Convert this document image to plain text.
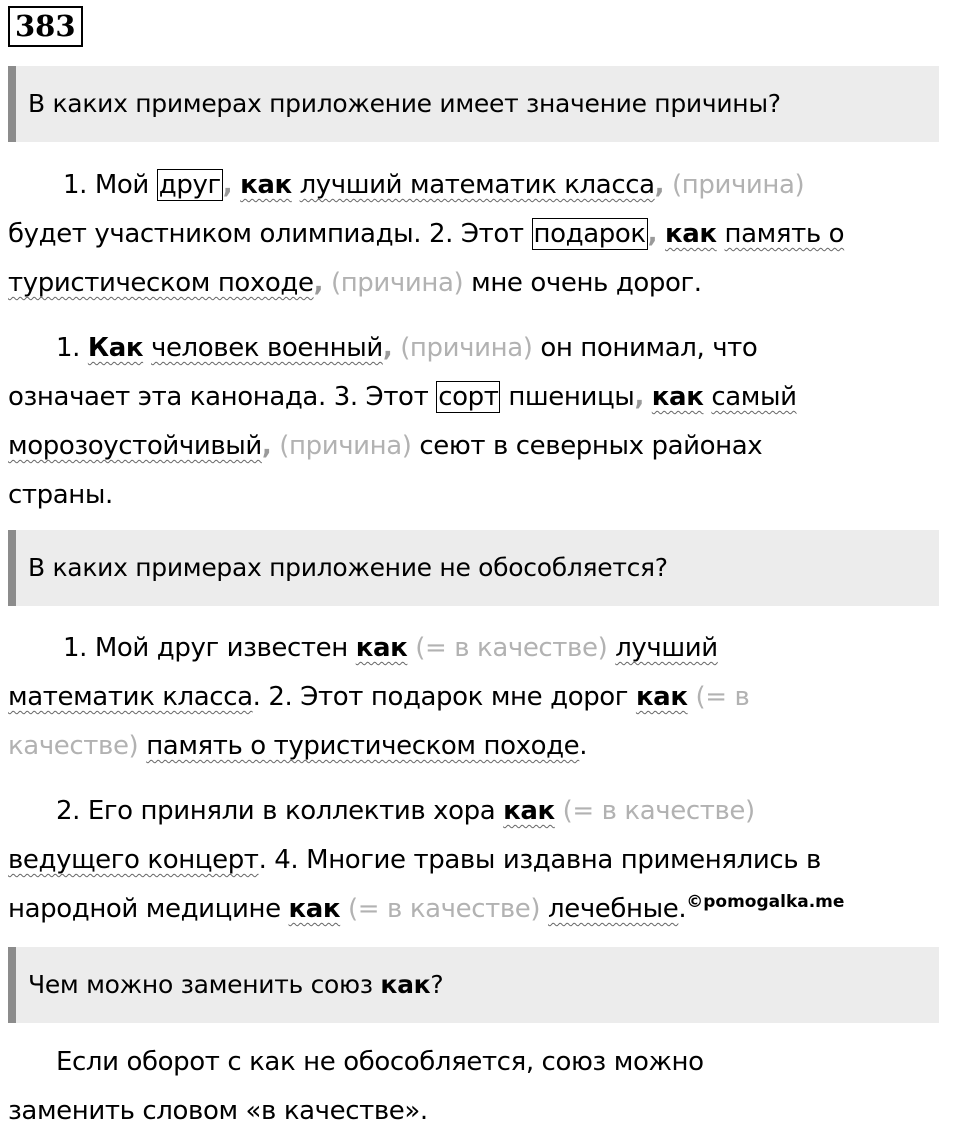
383
В каких примерах приложение имеет значение причины?
1. Мой друг, как лучший математик класса, (причина)
будет участником олимпиады. 2. Этот подарок, как память о
туристическом походе, (причина) мне очень дорог.
1. Как человек военный, (причина) он понимал, что
означает эта канонада. 3. Этот сорт пшеницы, как самый
морозоустойчивый, (причина) сеют в северных районах
страны.
В каких примерах приложение не обособляется?
1. Мой друг известен как (= в качестве) лучший
математик класса. 2. Этот подарок мне дорог как (= в
качестве) память о туристическом походе.
2. Его приняли в коллектив хора как (= в качестве)
ведущего концерт. 4. Многие травы издавна применялись в
народной медицине как (= в качестве) лечебные.$^{©pomogalka.me}$
Чем можно заменить союз как?
Если оборот с как не обособляется, союз можно
заменить словом «в качестве».
